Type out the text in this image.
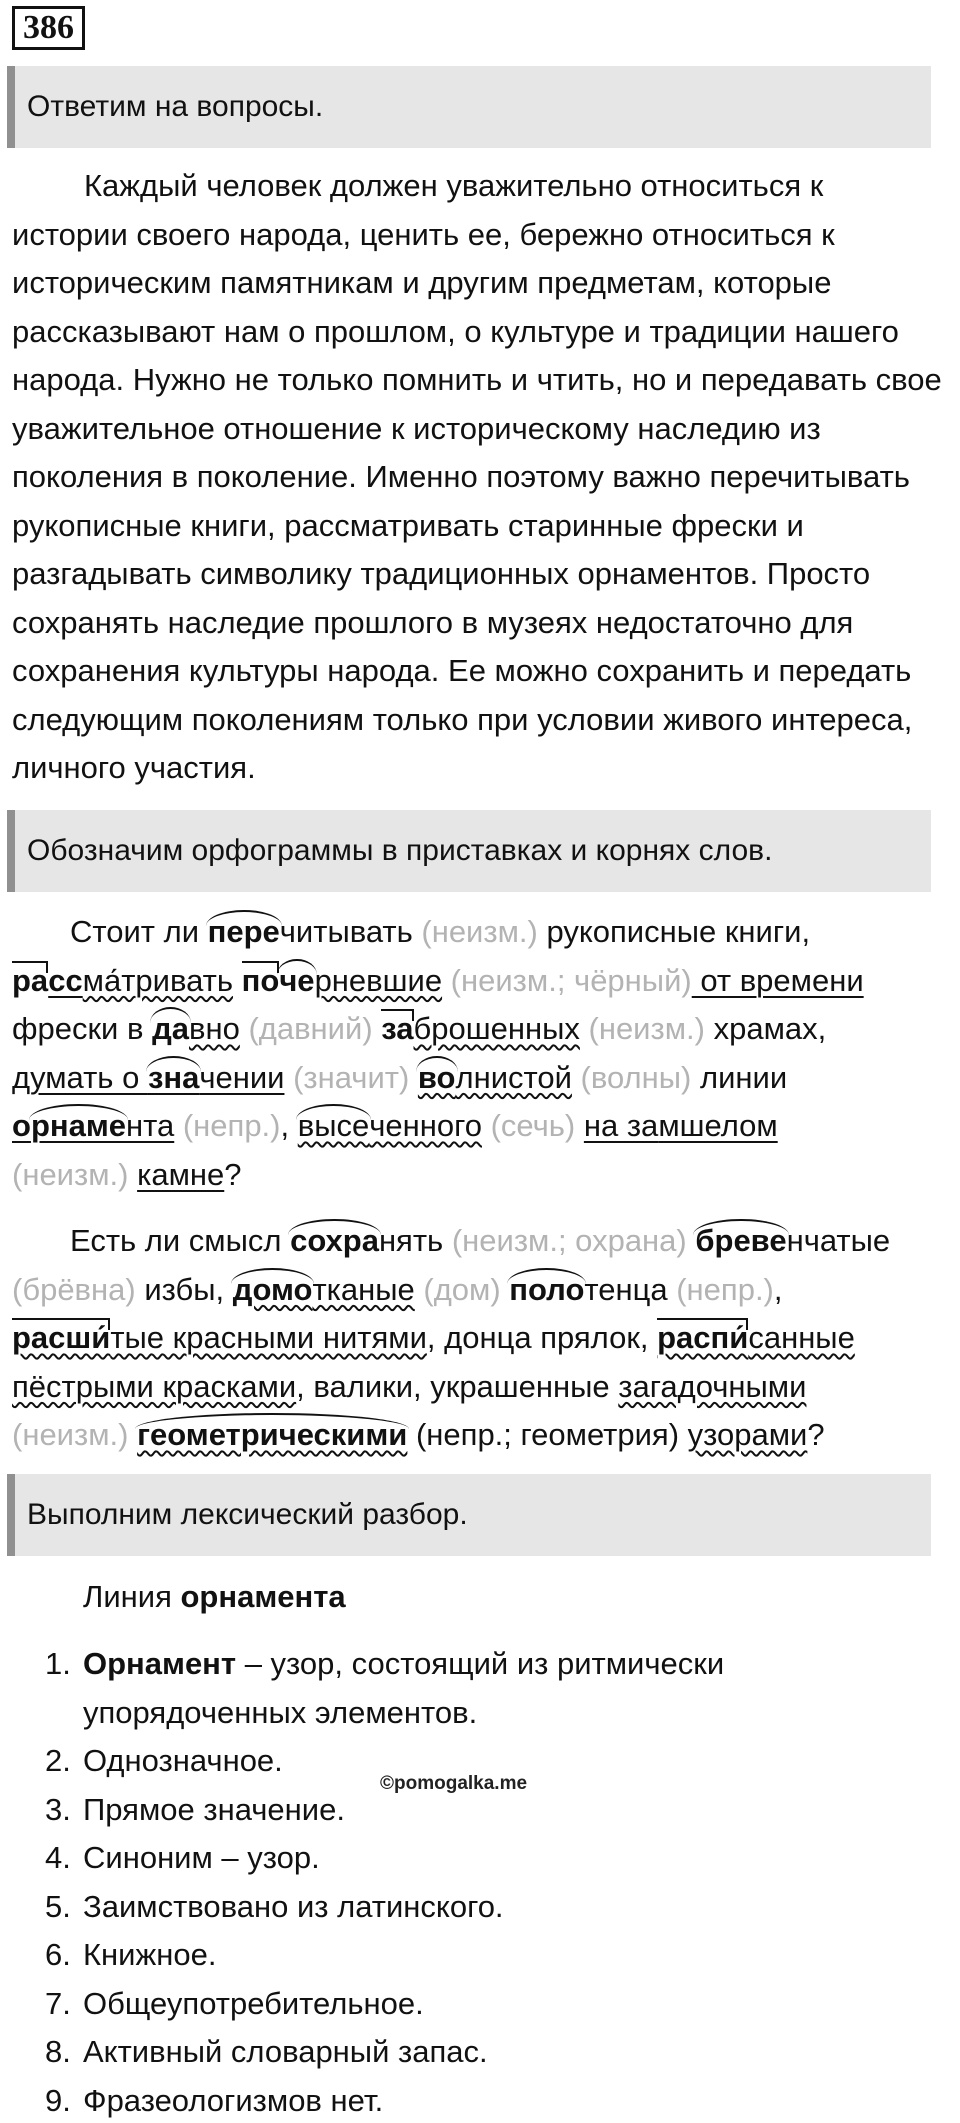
386
Ответим на вопросы.
Каждый человек должен уважительно относиться к истории своего народа, ценить ее, бережно относиться к историческим памятникам и другим предметам, которые рассказывают нам о прошлом, о культуре и традиции нашего народа. Нужно не только помнить и чтить, но и передавать свое уважительное отношение к историческому наследию из поколения в поколение. Именно поэтому важно перечитывать рукописные книги, рассматривать старинные фрески и разгадывать символику традиционных орнаментов. Просто сохранять наследие прошлого в музеях недостаточно для сохранения культуры народа. Ее можно сохранить и передать следующим поколениям только при условии живого интереса, личного участия.
Обозначим орфограммы в приставках и корнях слов.
Стоит ли перечитывать (неизм.) рукописные книги,
рассма́тривать почерневшие (неизм.; чёрный) от времени
фрески в давно (давний) заброшенных (неизм.) храмах,
думать о значении (значит) волнистой (волны) линии
орнамента (непр.), высеченного (сечь) на замшелом
(неизм.) камне?
Есть ли смысл сохранять (неизм.; охрана) бревенчатые
(брёвна) избы, домотканые (дом) полотенца (непр.),
расши́тые красными нитями, донца прялок, распи́санные
пёстрыми красками, валики, украшенные загадочными
(неизм.) геометрическими (непр.; геометрия) узорами?
Выполним лексический разбор.
Линия орнамента
1. Орнамент – узор, состоящий из ритмически
упорядоченных элементов.
2. Однозначное.
3. Прямое значение.
4. Синоним – узор.
5. Заимствовано из латинского.
6. Книжное.
7. Общеупотребительное.
8. Активный словарный запас.
9. Фразеологизмов нет.
©pomogalka.me
